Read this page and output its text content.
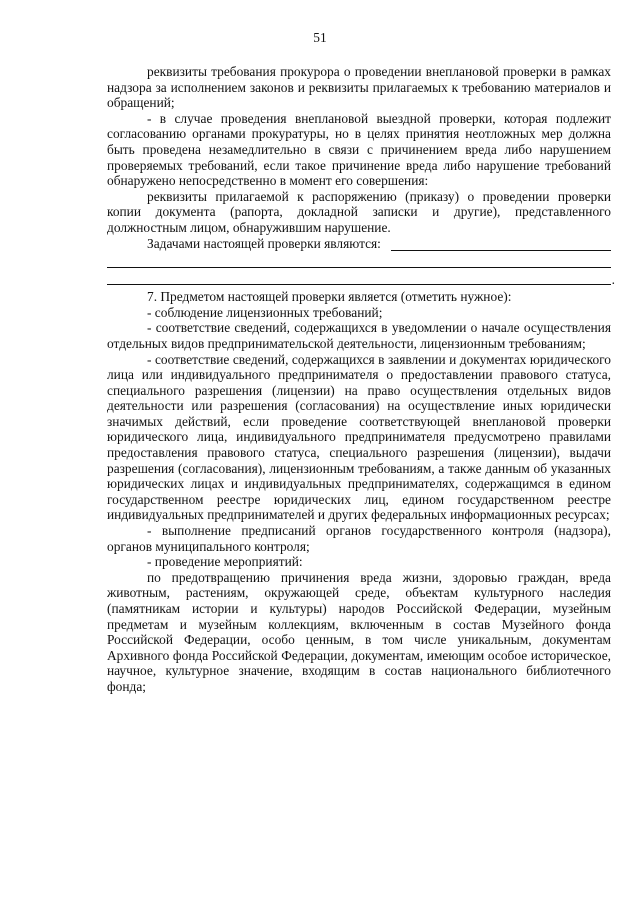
51

реквизиты требования прокурора о проведении внеплановой проверки в рамках надзора за исполнением законов и реквизиты прилагаемых к требованию материалов и обращений;

- в случае проведения внеплановой выездной проверки, которая подлежит согласованию органами прокуратуры, но в целях принятия неотложных мер должна быть проведена незамедлительно в связи с причинением вреда либо нарушением проверяемых требований, если такое причинение вреда либо нарушение требований обнаружено непосредственно в момент его совершения:

реквизиты прилагаемой к распоряжению (приказу) о проведении проверки копии документа (рапорта, докладной записки и другие), представленного должностным лицом, обнаружившим нарушение.

Задачами настоящей проверки являются:
.

7. Предметом настоящей проверки является (отметить нужное):

- соблюдение лицензионных требований;

- соответствие сведений, содержащихся в уведомлении о начале осуществления отдельных видов предпринимательской деятельности, лицензионным требованиям;

- соответствие сведений, содержащихся в заявлении и документах юридического лица или индивидуального предпринимателя о предоставлении правового статуса, специального разрешения (лицензии) на право осуществления отдельных видов деятельности или разрешения (согласования) на осуществление иных юридически значимых действий, если проведение соответствующей внеплановой проверки юридического лица, индивидуального предпринимателя предусмотрено правилами предоставления правового статуса, специального разрешения (лицензии), выдачи разрешения (согласования), лицензионным требованиям, а также данным об указанных юридических лицах и индивидуальных предпринимателях, содержащимся в едином государственном реестре юридических лиц, едином государственном реестре индивидуальных предпринимателей и других федеральных информационных ресурсах;

- выполнение предписаний органов государственного контроля (надзора), органов муниципального контроля;

- проведение мероприятий:

по предотвращению причинения вреда жизни, здоровью граждан, вреда животным, растениям, окружающей среде, объектам культурного наследия (памятникам истории и культуры) народов Российской Федерации, музейным предметам и музейным коллекциям, включенным в состав Музейного фонда Российской Федерации, особо ценным, в том числе уникальным, документам Архивного фонда Российской Федерации, документам, имеющим особое историческое, научное, культурное значение, входящим в состав национального библиотечного фонда;
